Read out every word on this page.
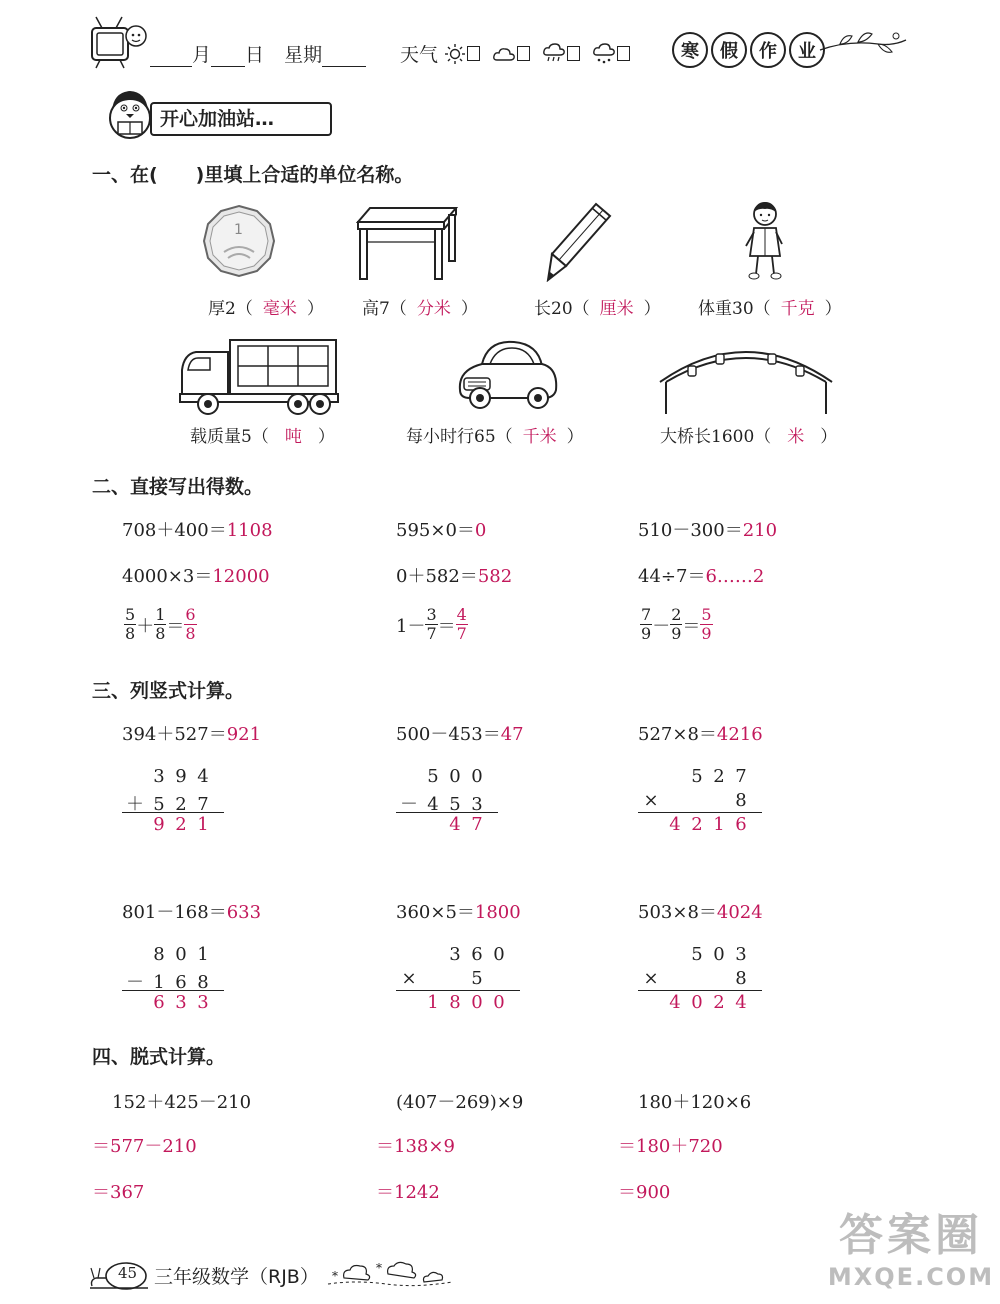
月 日 星期	天气	寒	假	作	业
开心加油站…
一、在(　　)里填上合适的单位名称。
1
厚2（ 毫米 ） 高7（ 分米 ）	长20（ 厘米 ） 体重30（ 千克 ）
载质量5（ 吨 ）	每小时行65（ 千米 ）	大桥长1600（ 米 ）
二、直接写出得数。
708＋400＝1108	595×0＝0	510－300＝210
4000×3＝12000	0＋582＝582	44÷7＝6……2
$\frac{5}{8} + \frac{1}{8} = \frac{6}{8}$	$1- \frac{3}{7} = \frac{4}{7}$	$\frac{7}{9} - \frac{2}{9} = \frac{5}{9}$
三、列竖式计算。
394＋527＝921
3 9 4
＋ 5 2 7
9 2 1
500－453＝47
5 0 0
－ 4 5 3
4 7
527×8＝4216
5 2 7
×	8
4 2 1 6
801－168＝633
8 0 1
－ 1 6 8
6 3 3
360×5＝1800
3 6 0
×	5
1 8 0 0
503×8＝4024
5 0 3
×	8
4 0 2 4
四、脱式计算。
152＋425－210
＝577－210
＝367
(407－269)×9
＝138×9
＝1242
180＋120×6
＝180＋720
＝900
45 三年级数学（RJB） *
*
答案圈
MXQE.COM
